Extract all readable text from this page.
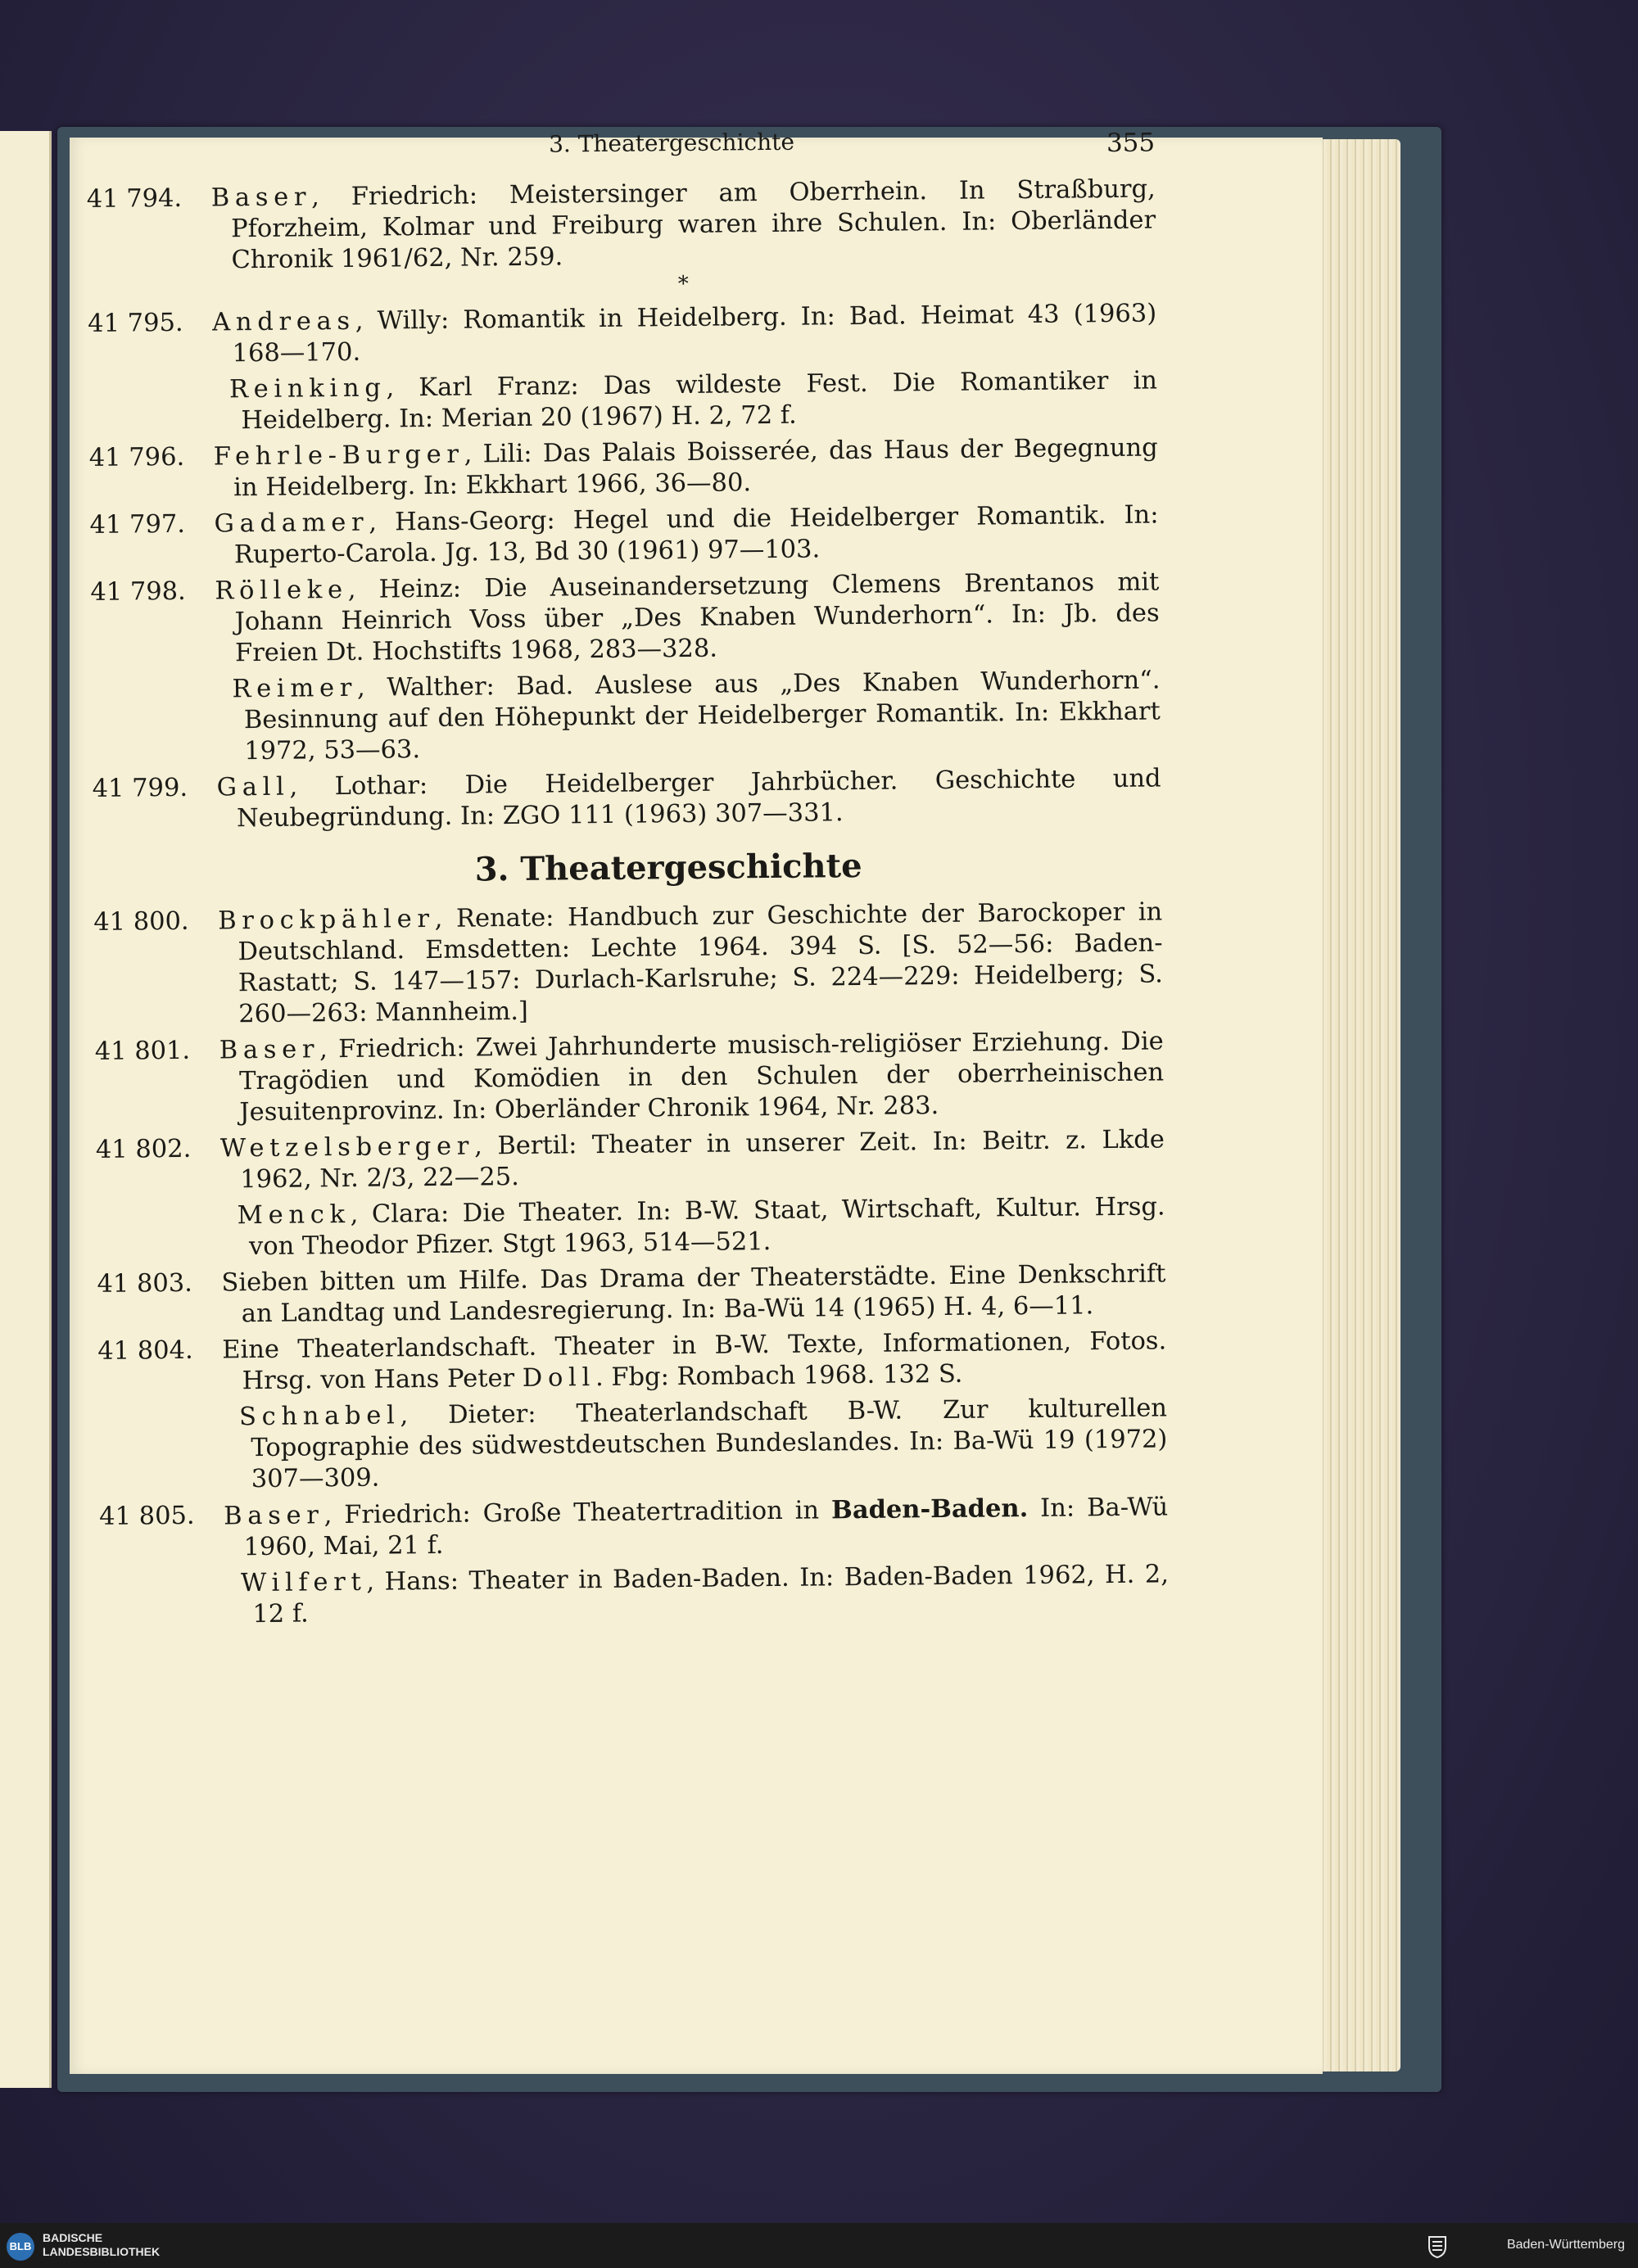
3. Theatergeschichte	355
41 794.	Baser, Friedrich: Meistersinger am Oberrhein. In Straßburg, Pforzheim, Kolmar und Freiburg waren ihre Schulen. In: Oberländer Chronik 1961/62, Nr. 259.
*
41 795.	Andreas, Willy: Romantik in Heidelberg. In: Bad. Heimat 43 (1963) 168—170.
Reinking, Karl Franz: Das wildeste Fest. Die Romantiker in Heidelberg. In: Merian 20 (1967) H. 2, 72 f.
41 796.	Fehrle-Burger, Lili: Das Palais Boisserée, das Haus der Begegnung in Heidelberg. In: Ekkhart 1966, 36—80.
41 797.	Gadamer, Hans-Georg: Hegel und die Heidelberger Romantik. In: Ruperto-Carola. Jg. 13, Bd 30 (1961) 97—103.
41 798.	Rölleke, Heinz: Die Auseinandersetzung Clemens Brentanos mit Johann Heinrich Voss über „Des Knaben Wunderhorn“. In: Jb. des Freien Dt. Hochstifts 1968, 283—328.
Reimer, Walther: Bad. Auslese aus „Des Knaben Wunderhorn“. Besinnung auf den Höhepunkt der Heidelberger Romantik. In: Ekkhart 1972, 53—63.
41 799.	Gall, Lothar: Die Heidelberger Jahrbücher. Geschichte und Neubegründung. In: ZGO 111 (1963) 307—331.
3. Theatergeschichte
41 800.	Brockpähler, Renate: Handbuch zur Geschichte der Barockoper in Deutschland. Emsdetten: Lechte 1964. 394 S. [S. 52—56: Baden-Rastatt; S. 147—157: Durlach-Karlsruhe; S. 224—229: Heidelberg; S. 260—263: Mannheim.]
41 801.	Baser, Friedrich: Zwei Jahrhunderte musisch-religiöser Erziehung. Die Tragödien und Komödien in den Schulen der oberrheinischen Jesuitenprovinz. In: Oberländer Chronik 1964, Nr. 283.
41 802.	Wetzelsberger, Bertil: Theater in unserer Zeit. In: Beitr. z. Lkde 1962, Nr. 2/3, 22—25.
Menck, Clara: Die Theater. In: B-W. Staat, Wirtschaft, Kultur. Hrsg. von Theodor Pfizer. Stgt 1963, 514—521.
41 803.	Sieben bitten um Hilfe. Das Drama der Theaterstädte. Eine Denkschrift an Landtag und Landesregierung. In: Ba-Wü 14 (1965) H. 4, 6—11.
41 804.	Eine Theaterlandschaft. Theater in B-W. Texte, Informationen, Fotos. Hrsg. von Hans Peter Doll. Fbg: Rombach 1968. 132 S.
Schnabel, Dieter: Theaterlandschaft B-W. Zur kulturellen Topographie des südwestdeutschen Bundeslandes. In: Ba-Wü 19 (1972) 307—309.
41 805.	Baser, Friedrich: Große Theatertradition in Baden-Baden. In: Ba-Wü 1960, Mai, 21 f.
Wilfert, Hans: Theater in Baden-Baden. In: Baden-Baden 1962, H. 2, 12 f.
BLB
BADISCHE
LANDESBIBLIOTHEK	Baden-Württemberg
